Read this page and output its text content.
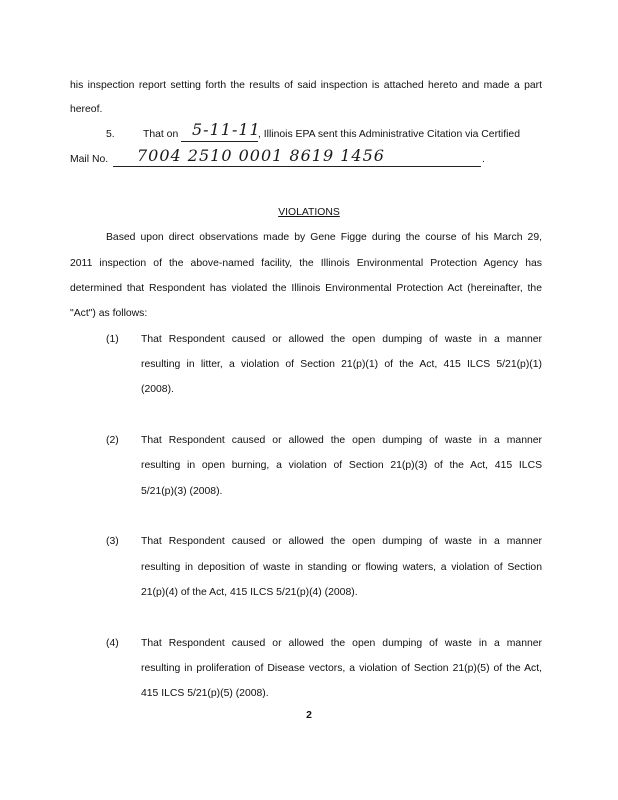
his inspection report setting forth the results of said inspection is attached hereto and made a part
hereof.
5.	That on 5-11-11
, Illinois EPA sent this Administrative Citation via Certified
Mail No. 7004 2510 0001 8619 1456	.
VIOLATIONS
Based upon direct observations made by Gene Figge during the course of his March 29,
2011 inspection of the above-named facility, the Illinois Environmental Protection Agency has
determined that Respondent has violated the Illinois Environmental Protection Act (hereinafter, the
"Act") as follows:
(1) That Respondent caused or allowed the open dumping of waste in a manner
resulting in litter, a violation of Section 21(p)(1) of the Act, 415 ILCS 5/21(p)(1)
(2008).
(2) That Respondent caused or allowed the open dumping of waste in a manner
resulting in open burning, a violation of Section 21(p)(3) of the Act, 415 ILCS
5/21(p)(3) (2008).
(3) That Respondent caused or allowed the open dumping of waste in a manner
resulting in deposition of waste in standing or flowing waters, a violation of Section
21(p)(4) of the Act, 415 ILCS 5/21(p)(4) (2008).
(4) That Respondent caused or allowed the open dumping of waste in a manner
resulting in proliferation of Disease vectors, a violation of Section 21(p)(5) of the Act,
415 ILCS 5/21(p)(5) (2008).
2
